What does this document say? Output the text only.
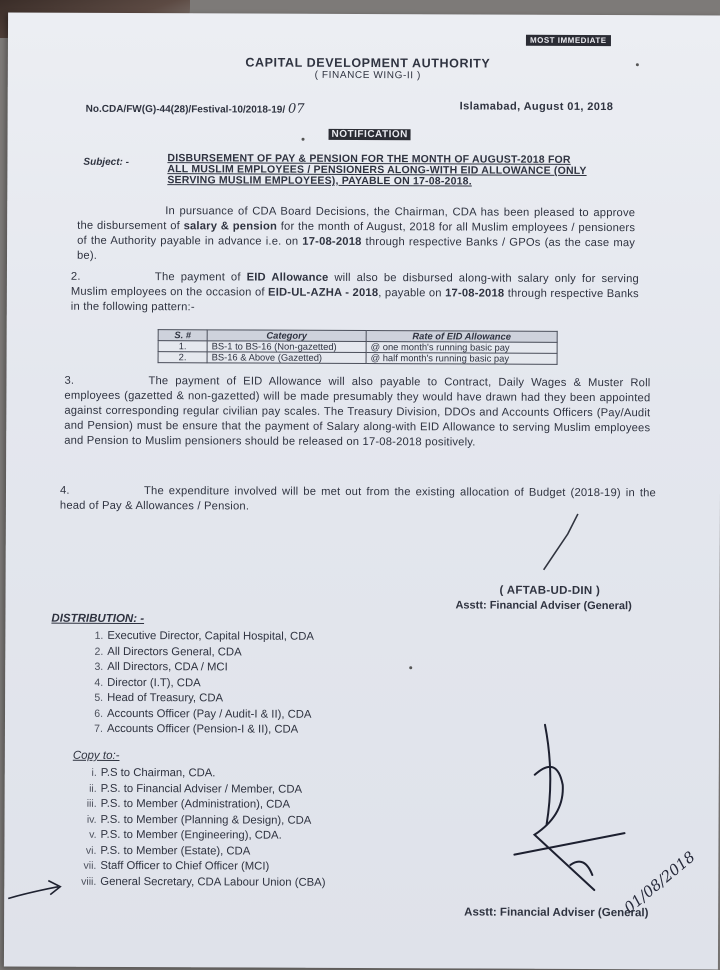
MOST IMMEDIATE
CAPITAL DEVELOPMENT AUTHORITY
( FINANCE WING-II )
No.CDA/FW(G)-44(28)/Festival-10/2018-19/ 07	Islamabad, August 01, 2018
NOTIFICATION
Subject: -	DISBURSEMENT OF PAY & PENSION FOR THE MONTH OF AUGUST-2018 FOR
ALL MUSLIM EMPLOYEES / PENSIONERS ALONG-WITH EID ALLOWANCE (ONLY
SERVING MUSLIM EMPLOYEES), PAYABLE ON 17-08-2018.
In pursuance of CDA Board Decisions, the Chairman, CDA has been pleased to approve the disbursement of salary & pension for the month of August, 2018 for all Muslim employees / pensioners of the Authority payable in advance i.e. on 17-08-2018 through respective Banks / GPOs (as the case may be).
2.	The payment of EID Allowance will also be disbursed along-with salary only for serving Muslim employees on the occasion of EID-UL-AZHA - 2018, payable on 17-08-2018 through respective Banks in the following pattern:-
S. #	Category	Rate of EID Allowance
1.	BS-1 to BS-16 (Non-gazetted)	@ one month's running basic pay
2.	BS-16 & Above (Gazetted)	@ half month's running basic pay
3.	The payment of EID Allowance will also payable to Contract, Daily Wages & Muster Roll employees (gazetted & non-gazetted) will be made presumably they would have drawn had they been appointed against corresponding regular civilian pay scales. The Treasury Division, DDOs and Accounts Officers (Pay/Audit and Pension) must be ensure that the payment of Salary along-with EID Allowance to serving Muslim employees and Pension to Muslim pensioners should be released on 17-08-2018 positively.
4.	The expenditure involved will be met out from the existing allocation of Budget (2018-19) in the head of Pay & Allowances / Pension.
( AFTAB-UD-DIN )
Asstt: Financial Adviser (General)
DISTRIBUTION: -
1. Executive Director, Capital Hospital, CDA
2. All Directors General, CDA
3. All Directors, CDA / MCI
4. Director (I.T), CDA
5. Head of Treasury, CDA
6. Accounts Officer (Pay / Audit-I & II), CDA
7. Accounts Officer (Pension-I & II), CDA
Copy to:-
i. P.S to Chairman, CDA.
ii. P.S. to Financial Adviser / Member, CDA
iii. P.S. to Member (Administration), CDA
iv. P.S. to Member (Planning & Design), CDA
v. P.S. to Member (Engineering), CDA.
vi. P.S. to Member (Estate), CDA
vii. Staff Officer to Chief Officer (MCI)
viii. General Secretary, CDA Labour Union (CBA)	01/08/2018
Asstt: Financial Adviser (General)
